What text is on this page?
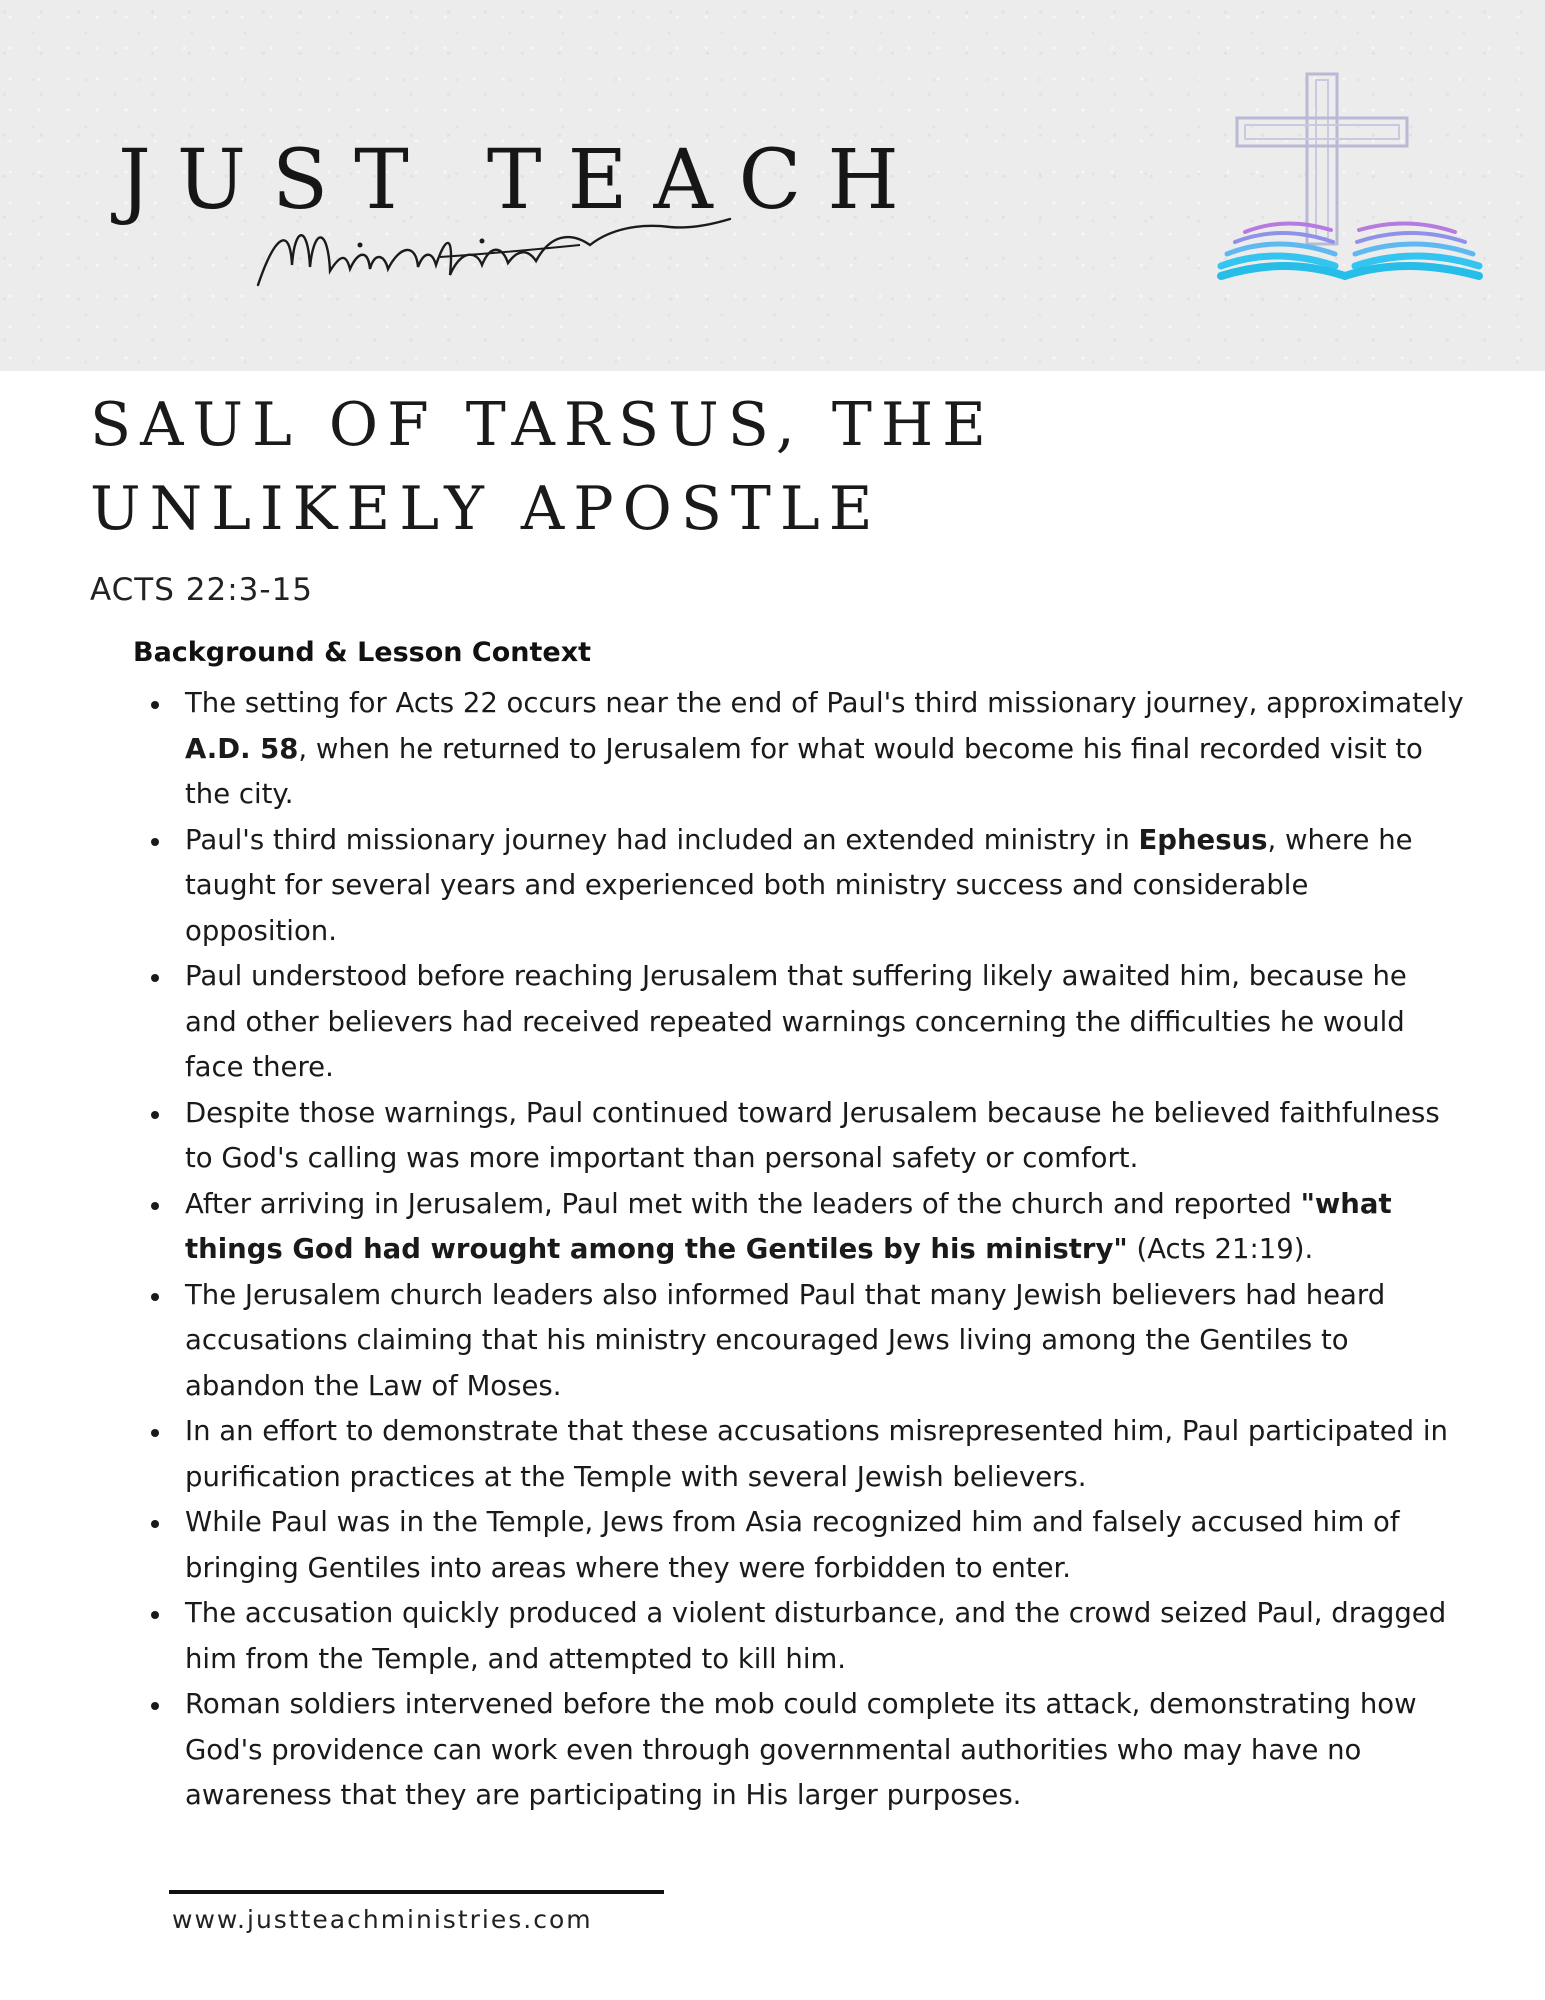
JUST TEACH
SAUL OF TARSUS, THE UNLIKELY APOSTLE
ACTS 22:3-15
Background & Lesson Context
The setting for Acts 22 occurs near the end of Paul's third missionary journey, approximately A.D. 58, when he returned to Jerusalem for what would become his final recorded visit to the city.
Paul's third missionary journey had included an extended ministry in Ephesus, where he taught for several years and experienced both ministry success and considerable opposition.
Paul understood before reaching Jerusalem that suffering likely awaited him, because he and other believers had received repeated warnings concerning the difficulties he would face there.
Despite those warnings, Paul continued toward Jerusalem because he believed faithfulness to God's calling was more important than personal safety or comfort.
After arriving in Jerusalem, Paul met with the leaders of the church and reported "what things God had wrought among the Gentiles by his ministry" (Acts 21:19).
The Jerusalem church leaders also informed Paul that many Jewish believers had heard accusations claiming that his ministry encouraged Jews living among the Gentiles to abandon the Law of Moses.
In an effort to demonstrate that these accusations misrepresented him, Paul participated in purification practices at the Temple with several Jewish believers.
While Paul was in the Temple, Jews from Asia recognized him and falsely accused him of bringing Gentiles into areas where they were forbidden to enter.
The accusation quickly produced a violent disturbance, and the crowd seized Paul, dragged him from the Temple, and attempted to kill him.
Roman soldiers intervened before the mob could complete its attack, demonstrating how God's providence can work even through governmental authorities who may have no awareness that they are participating in His larger purposes.
www.justteachministries.com
